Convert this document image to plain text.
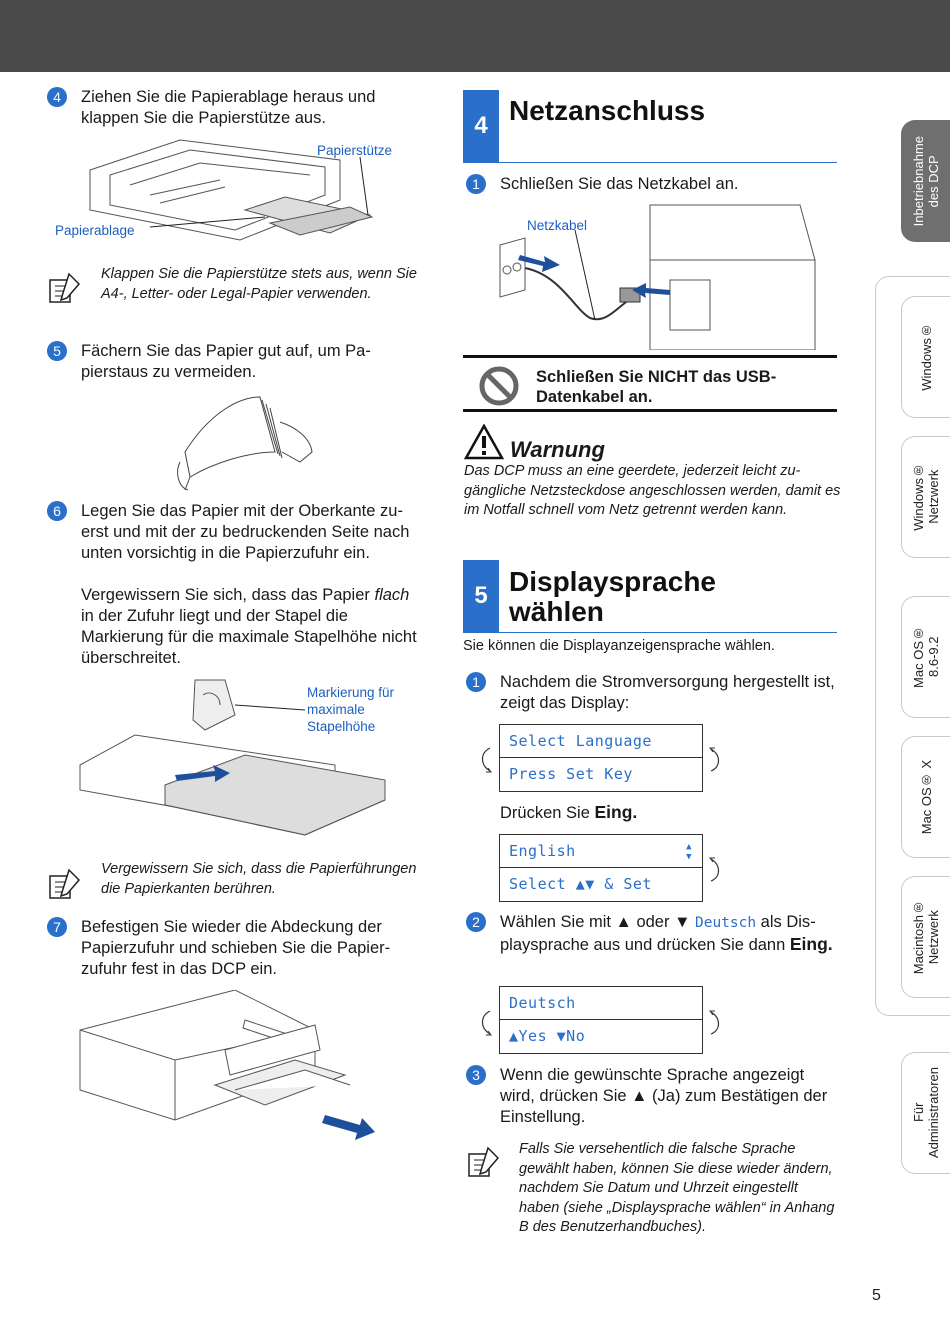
4	Ziehen Sie die Papierablage heraus und klappen Sie die Papierstütze aus.
Papierstütze
Papierablage
Klappen Sie die Papierstütze stets aus, wenn Sie A4-, Letter- oder Legal-Papier verwenden.
5	Fächern Sie das Papier gut auf, um Papierstaus zu vermeiden.
6	Legen Sie das Papier mit der Oberkante zuerst und mit der zu bedruckenden Seite nach unten vorsichtig in die Papierzufuhr ein.
Vergewissern Sie sich, dass das Papier flach in der Zufuhr liegt und der Stapel die Markierung für die maximale Stapelhöhe nicht überschreitet.
Markierung für maximale Stapelhöhe
Vergewissern Sie sich, dass die Papierführungen die Papierkanten berühren.
7	Befestigen Sie wieder die Abdeckung der Papierzufuhr und schieben Sie die Papierzufuhr fest in das DCP ein.
4 Netzanschluss
1	Schließen Sie das Netzkabel an.
Netzkabel
Schließen Sie NICHT das USB-Datenkabel an.
Warnung
Das DCP muss an eine geerdete, jederzeit leicht zugängliche Netzsteckdose angeschlossen werden, damit es im Notfall schnell vom Netz getrennt werden kann.
5 Displaysprache
wählen
Sie können die Displayanzeigensprache wählen.
1	Nachdem die Stromversorgung hergestellt ist, zeigt das Display:
Select Language
Press Set Key
Drücken Sie Eing.
English	▲
▼
Select ▲▼ & Set
2	Wählen Sie mit ▲ oder ▼ Deutsch als Displaysprache aus und drücken Sie dann Eing.
Deutsch
▲Yes ▼No
3	Wenn die gewünschte Sprache angezeigt wird, drücken Sie ▲ (Ja) zum Bestätigen der Einstellung.
Falls Sie versehentlich die falsche Sprache gewählt haben, können Sie diese wieder ändern, nachdem Sie Datum und Uhrzeit eingestellt haben (siehe „Displaysprache wählen“ in Anhang B des Benutzerhandbuches).
Inbetriebnahme
des DCP
Windows®
Windows®
Netzwerk
Mac OS®
8.6-9.2
Mac OS® X
Macintosh®
Netzwerk
Für
Administratoren
5
